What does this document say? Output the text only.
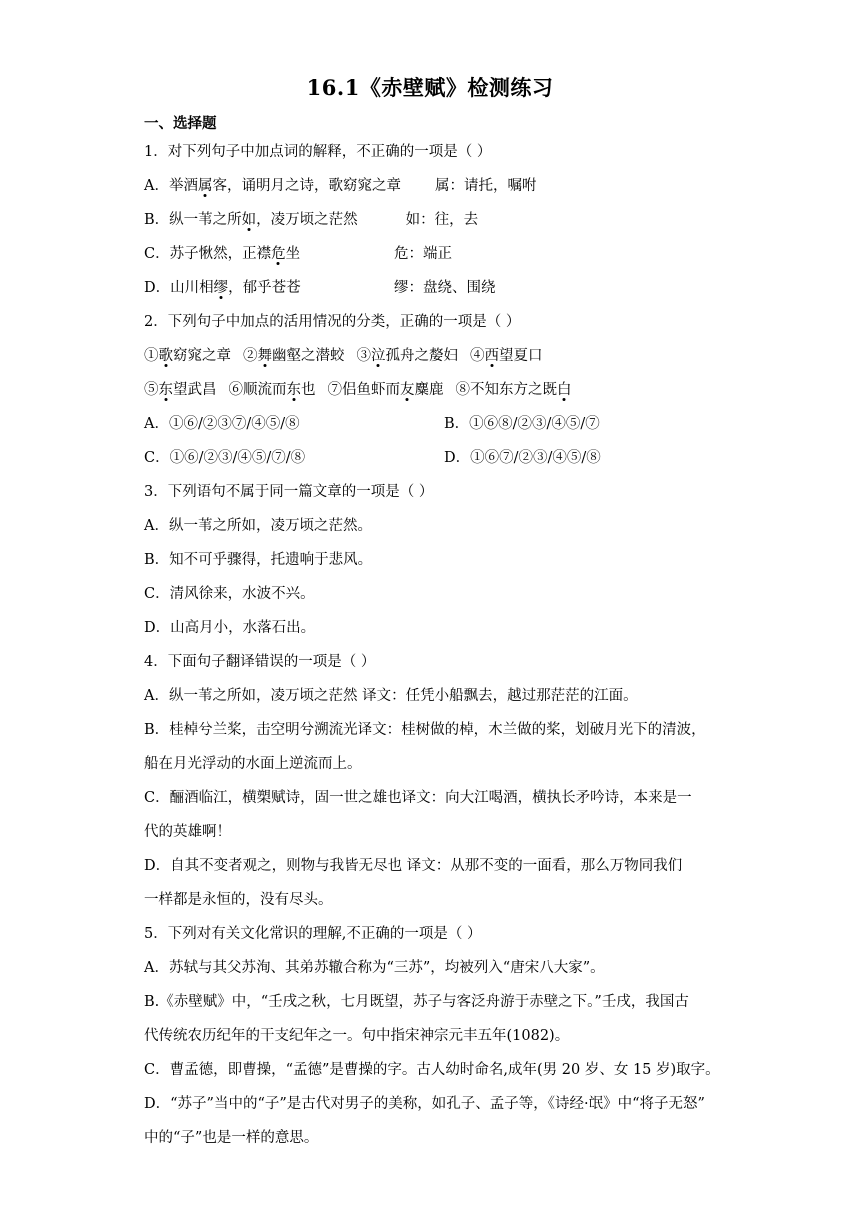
16.1《赤壁赋》检测练习
一、选择题
1．对下列句子中加点词的解释，不正确的一项是（ ）
A．举酒属客，诵明月之诗，歌窈窕之章 属：请托，嘱咐
B．纵一苇之所如，凌万顷之茫然	如：往，去
C．苏子愀然，正襟危坐	危：端正
D．山川相缪，郁乎苍苍	缪：盘绕、围绕
2．下列句子中加点的活用情况的分类，正确的一项是（ ）
①歌窈窕之章 ②舞幽壑之潜蛟 ③泣孤舟之嫠妇 ④西望夏口
⑤东望武昌 ⑥顺流而东也 ⑦侣鱼虾而友麋鹿 ⑧不知东方之既白
A．①⑥/②③⑦/④⑤/⑧	B．①⑥⑧/②③/④⑤/⑦
C．①⑥/②③/④⑤/⑦/⑧	D．①⑥⑦/②③/④⑤/⑧
3．下列语句不属于同一篇文章的一项是（ ）
A．纵一苇之所如，凌万顷之茫然。
B．知不可乎骤得，托遗响于悲风。
C．清风徐来，水波不兴。
D．山高月小，水落石出。
4．下面句子翻译错误的一项是（ ）
A．纵一苇之所如，凌万顷之茫然 译文：任凭小船飘去，越过那茫茫的江面。
B．桂棹兮兰桨，击空明兮溯流光译文：桂树做的棹，木兰做的桨，划破月光下的清波，
船在月光浮动的水面上逆流而上。
C．酾酒临江，横槊赋诗，固一世之雄也译文：向大江喝酒，横执长矛吟诗，本来是一
代的英雄啊！
D．自其不变者观之，则物与我皆无尽也 译文：从那不变的一面看，那么万物同我们
一样都是永恒的，没有尽头。
5．下列对有关文化常识的理解,不正确的一项是（ ）
A．苏轼与其父苏洵、其弟苏辙合称为“三苏”，均被列入“唐宋八大家”。
B.《赤壁赋》中，“壬戌之秋，七月既望，苏子与客泛舟游于赤壁之下。”壬戌，我国古
代传统农历纪年的干支纪年之一。句中指宋神宗元丰五年(1082)。
C．曹孟德，即曹操，“孟德”是曹操的字。古人幼时命名,成年(男 20 岁、女 15 岁)取字。
D．“苏子”当中的“子”是古代对男子的美称，如孔子、孟子等，《诗经·氓》中“将子无怒”
中的“子”也是一样的意思。
